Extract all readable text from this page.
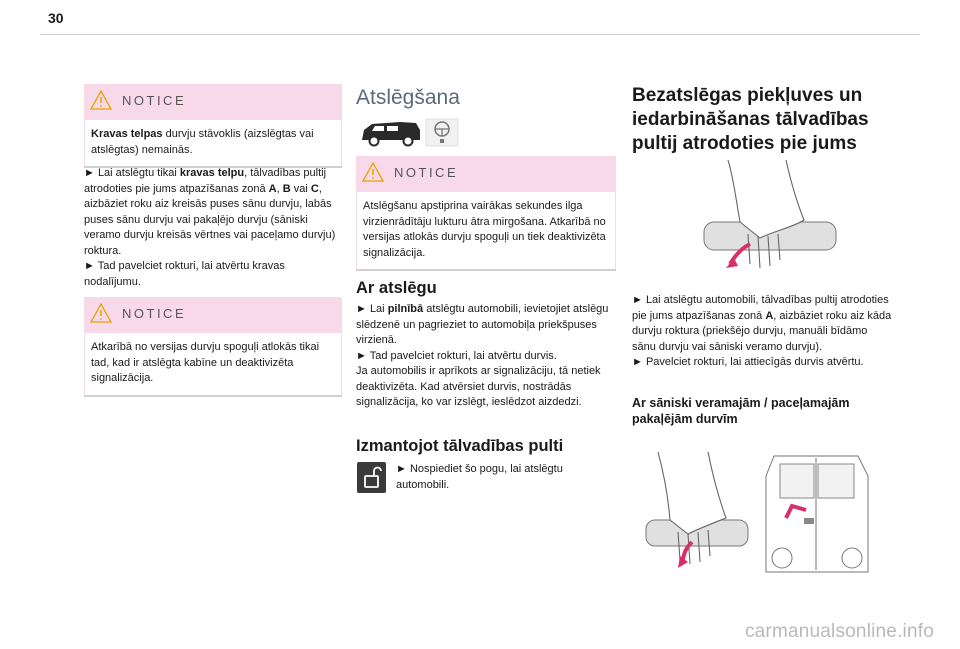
30
NOTICE
Kravas telpas durvju stāvoklis (aizslēgtas vai atslēgtas) nemainās.

► Lai atslēgtu tikai kravas telpu, tālvadības pultij atrodoties pie jums atpazīšanas zonā A, B vai C, aizbāziet roku aiz kreisās puses sānu durvju, labās puses sānu durvju vai pakaļējo durvju (sāniski veramo durvju kreisās vērtnes vai paceļamo durvju) roktura.

► Tad pavelciet rokturi, lai atvērtu kravas nodalījumu.

NOTICE
Atkarībā no versijas durvju spoguļi atlokās tikai tad, kad ir atslēgta kabīne un deaktivizēta signalizācija.
Atslēgšana
NOTICE
Atslēgšanu apstiprina vairākas sekundes ilga virzienrādītāju lukturu ātra mirgošana. Atkarībā no versijas atlokās durvju spoguļi un tiek deaktivizēta signalizācija.
Ar atslēgu

► Lai pilnībā atslēgtu automobili, ievietojiet atslēgu slēdzenē un pagrieziet to automobiļa priekšpuses virzienā.

► Tad pavelciet rokturi, lai atvērtu durvis.

Ja automobilis ir aprīkots ar signalizāciju, tā netiek deaktivizēta. Kad atvērsiet durvis, nostrādās signalizācija, ko var izslēgt, ieslēdzot aizdedzi.

Izmantojot tālvadības pulti
► Nospiediet šo pogu, lai atslēgtu automobili.
Bezatslēgas piekļuves un iedarbināšanas tālvadības pultij atrodoties pie jums

► Lai atslēgtu automobili, tālvadības pultij atrodoties pie jums atpazīšanas zonā A, aizbāziet roku aiz kāda durvju roktura (priekšējo durvju, manuāli bīdāmo sānu durvju vai sāniski veramo durvju).

► Pavelciet rokturi, lai attiecīgās durvis atvērtu.

Ar sāniski veramajām / paceļamajām pakaļējām durvīm
carmanualsonline.info
